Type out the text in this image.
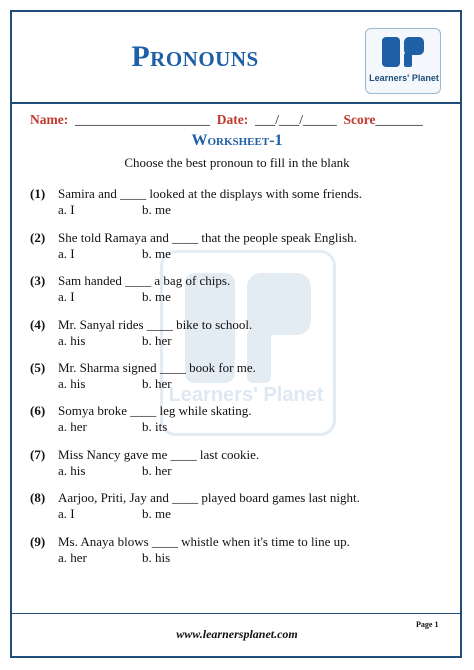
Pronouns
Learners' Planet
Name: ____________________ Date: ___/___/_____ Score_______
Worksheet-1
Choose the best pronoun to fill in the blank
Learners' Planet
(1) Samira and ____ looked at the displays with some friends.
a. I	b. me
(2) She told Ramaya and ____ that the people speak English.
a. I	b. me
(3) Sam handed ____ a bag of chips.
a. I	b. me
(4) Mr. Sanyal rides ____ bike to school.
a. his	b. her
(5) Mr. Sharma signed ____ book for me.
a. his	b. her
(6) Somya broke ____ leg while skating.
a. her	b. its
(7) Miss Nancy gave me ____ last cookie.
a. his	b. her
(8) Aarjoo, Priti, Jay and ____ played board games last night.
a. I	b. me
(9) Ms. Anaya blows ____ whistle when it's time to line up.
a. her	b. his
Page 1
www.learnersplanet.com
